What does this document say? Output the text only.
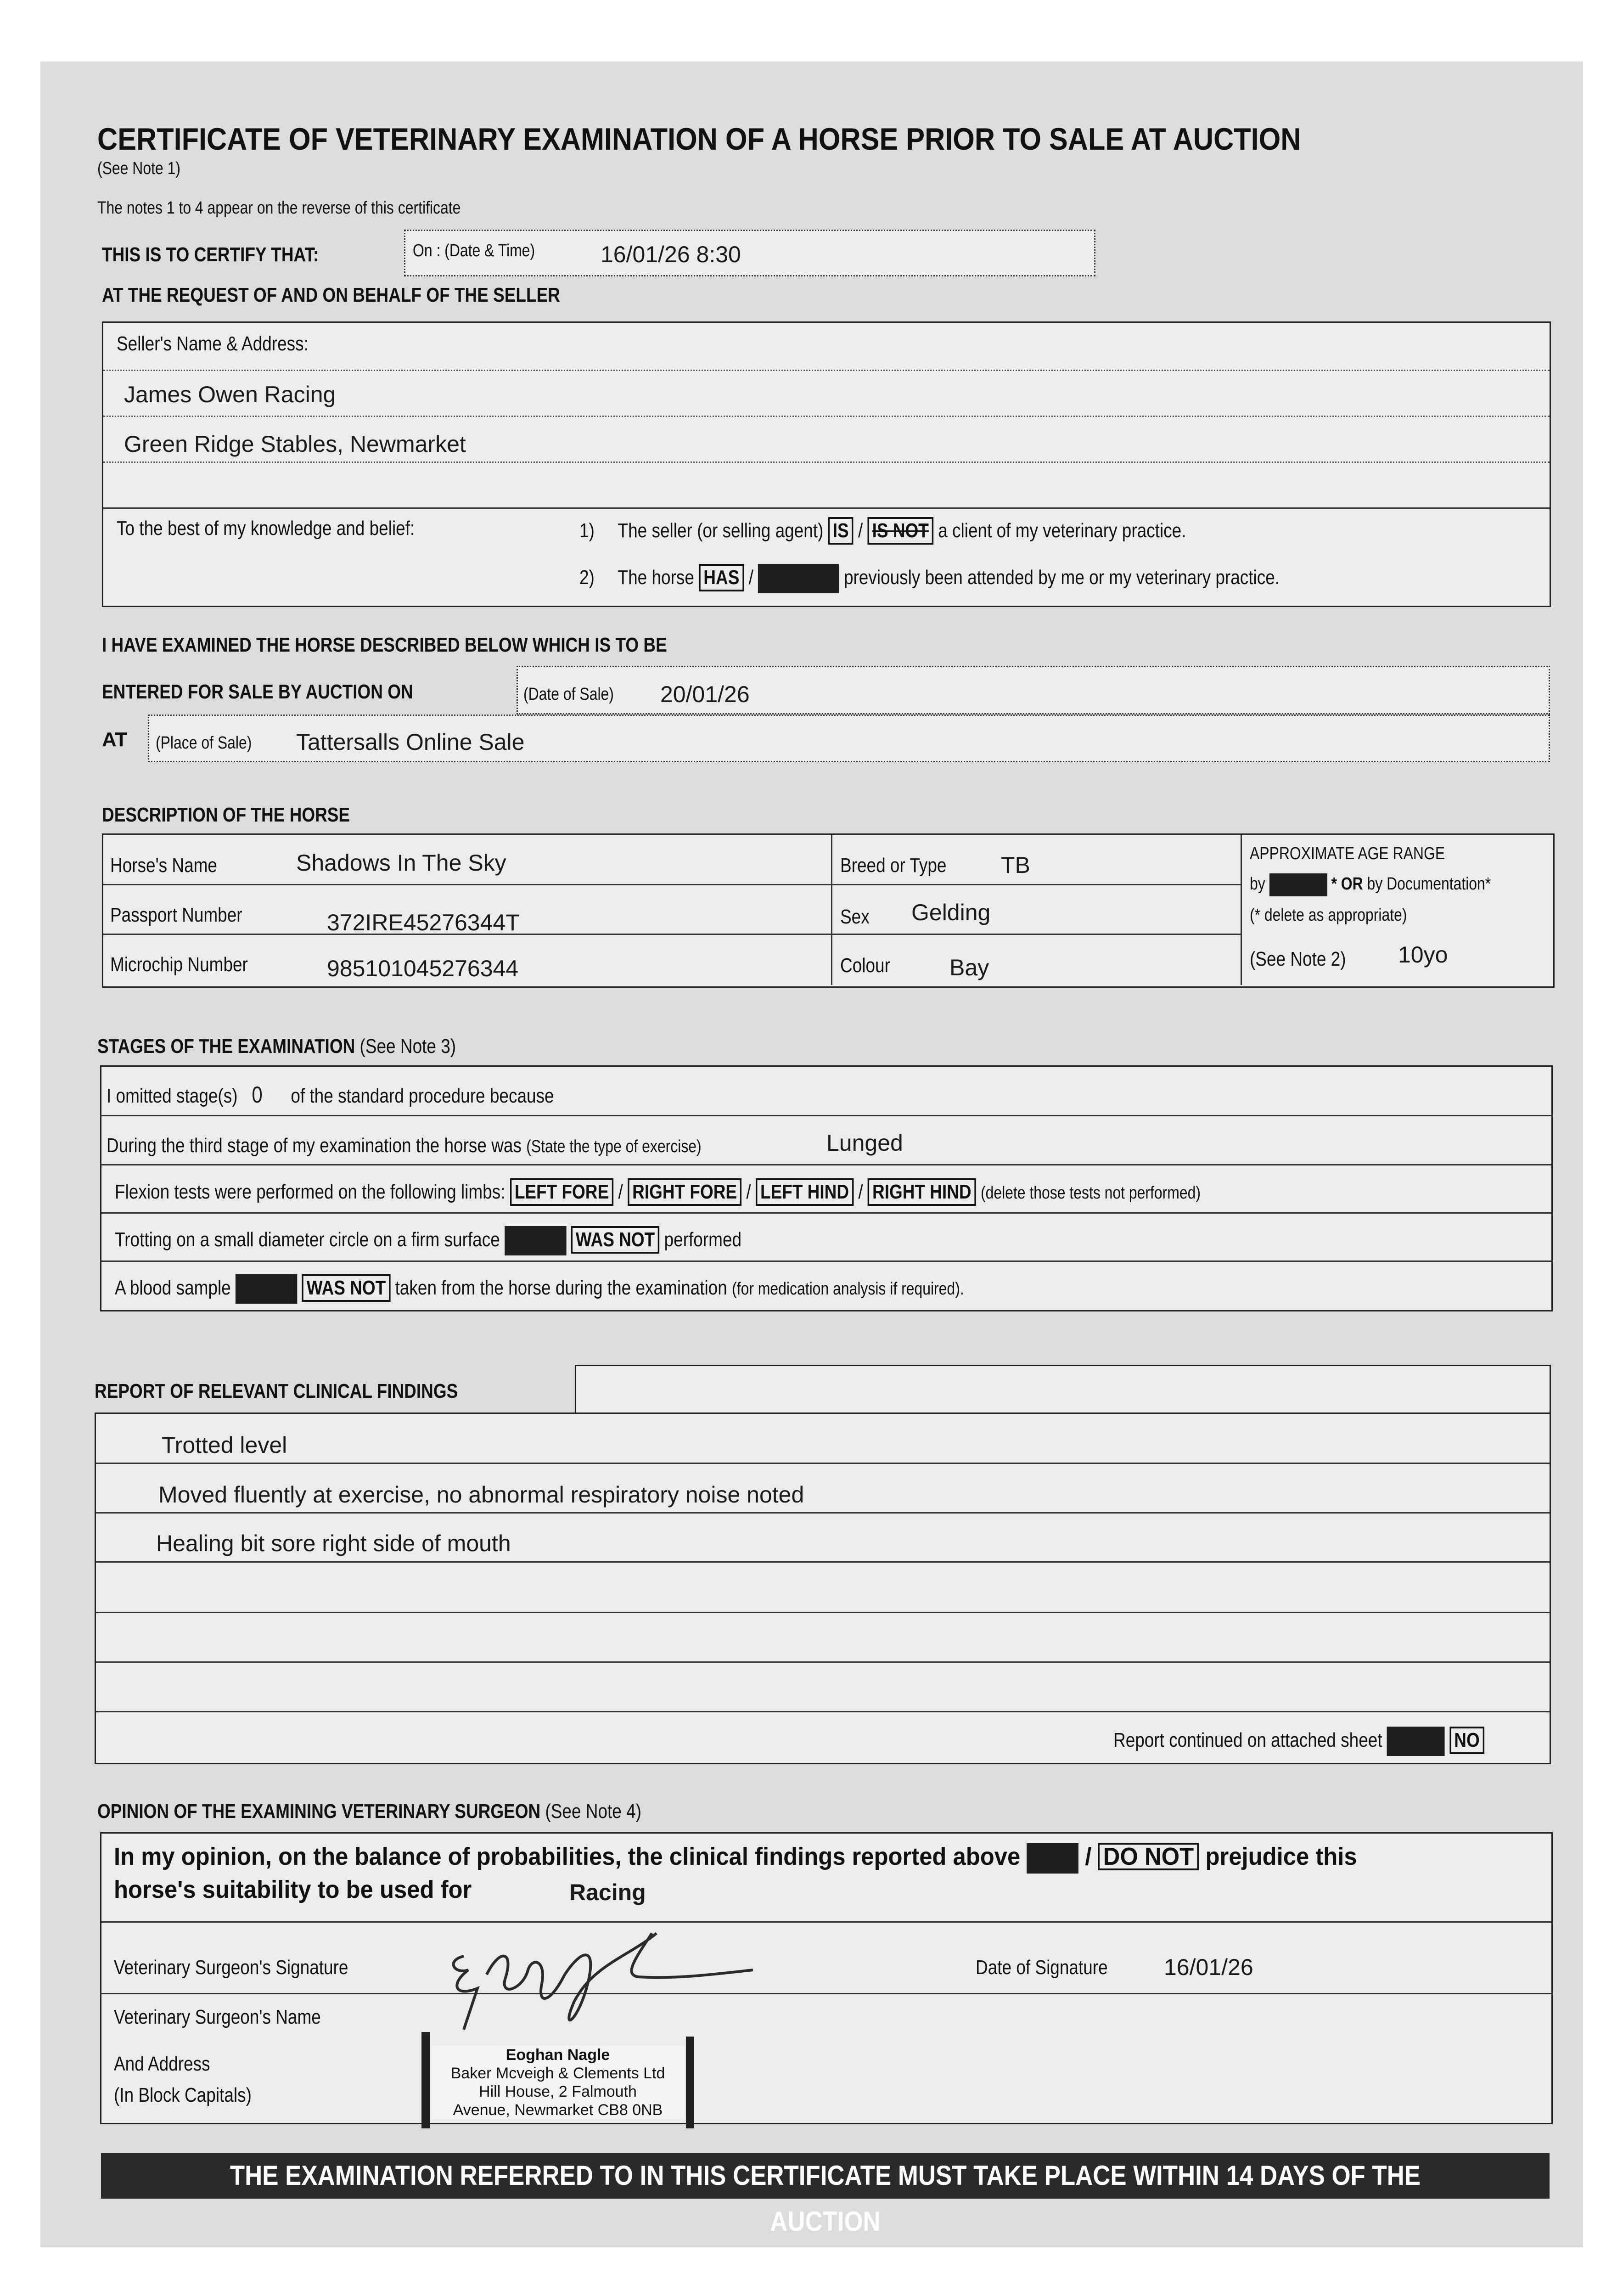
CERTIFICATE OF VETERINARY EXAMINATION OF A HORSE PRIOR TO SALE AT AUCTION
(See Note 1)
The notes 1 to 4 appear on the reverse of this certificate
THIS IS TO CERTIFY THAT:	On : (Date & Time)	16/01/26 8:30
AT THE REQUEST OF AND ON BEHALF OF THE SELLER
Seller's Name & Address:
James Owen Racing
Green Ridge Stables, Newmarket
To the best of my knowledge and belief:	1) The seller (or selling agent) IS / IS NOT a client of my veterinary practice.
2) The horse HAS /	previously been attended by me or my veterinary practice.
I HAVE EXAMINED THE HORSE DESCRIBED BELOW WHICH IS TO BE
ENTERED FOR SALE BY AUCTION ON	(Date of Sale)	20/01/26
AT (Place of Sale)	Tattersalls Online Sale
DESCRIPTION OF THE HORSE
Horse's Name	Shadows In The Sky
Passport Number	372IRE45276344T
Microchip Number	985101045276344
Breed or Type	TB
Sex Gelding
Colour	Bay
APPROXIMATE AGE RANGE
by	* OR by Documentation*
(* delete as appropriate)
(See Note 2)	10yo
STAGES OF THE EXAMINATION (See Note 3)
I omitted stage(s) 0 of the standard procedure because
During the third stage of my examination the horse was (State the type of exercise)	Lunged
Flexion tests were performed on the following limbs: LEFT FORE / RIGHT FORE / LEFT HIND / RIGHT HIND (delete those tests not performed)
Trotting on a small diameter circle on a firm surface	WAS NOT performed
A blood sample	WAS NOT taken from the horse during the examination (for medication analysis if required).
REPORT OF RELEVANT CLINICAL FINDINGS
Trotted level
Moved fluently at exercise, no abnormal respiratory noise noted
Healing bit sore right side of mouth
Report continued on attached sheet	NO
OPINION OF THE EXAMINING VETERINARY SURGEON (See Note 4)
In my opinion, on the balance of probabilities, the clinical findings reported above  / DO NOT prejudice this
horse's suitability to be used for	Racing
Veterinary Surgeon's Signature	Date of Signature	16/01/26
Veterinary Surgeon's Name
And Address
(In Block Capitals)
Eoghan Nagle
Baker Mcveigh & Clements Ltd
Hill House, 2 Falmouth
Avenue, Newmarket CB8 0NB
THE EXAMINATION REFERRED TO IN THIS CERTIFICATE MUST TAKE PLACE WITHIN 14 DAYS OF THE AUCTION
